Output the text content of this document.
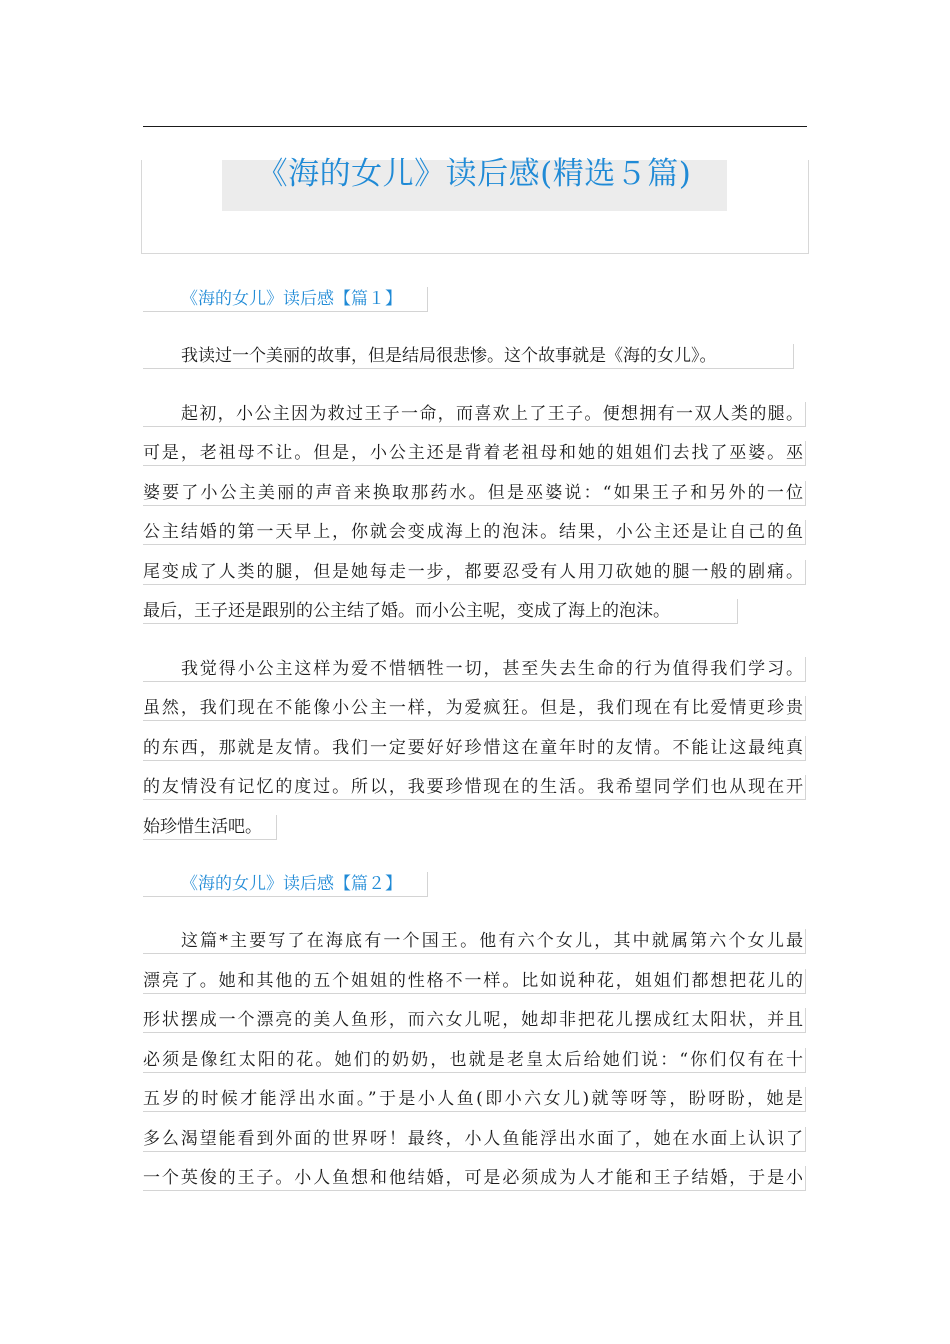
《海的女儿》读后感(精选５篇)
《海的女儿》读后感【篇１】
我读过一个美丽的故事，但是结局很悲惨。这个故事就是《海的女儿》。
起初，小公主因为救过王子一命，而喜欢上了王子。便想拥有一双人类的腿。
可是，老祖母不让。但是，小公主还是背着老祖母和她的姐姐们去找了巫婆。巫
婆要了小公主美丽的声音来换取那药水。但是巫婆说：“如果王子和另外的一位
公主结婚的第一天早上，你就会变成海上的泡沫。结果，小公主还是让自己的鱼
尾变成了人类的腿，但是她每走一步，都要忍受有人用刀砍她的腿一般的剧痛。
最后，王子还是跟别的公主结了婚。而小公主呢，变成了海上的泡沫。
我觉得小公主这样为爱不惜牺牲一切，甚至失去生命的行为值得我们学习。
虽然，我们现在不能像小公主一样，为爱疯狂。但是，我们现在有比爱情更珍贵
的东西，那就是友情。我们一定要好好珍惜这在童年时的友情。不能让这最纯真
的友情没有记忆的度过。所以，我要珍惜现在的生活。我希望同学们也从现在开
始珍惜生活吧。
《海的女儿》读后感【篇２】
这篇*主要写了在海底有一个国王。他有六个女儿，其中就属第六个女儿最
漂亮了。她和其他的五个姐姐的性格不一样。比如说种花，姐姐们都想把花儿的
形状摆成一个漂亮的美人鱼形，而六女儿呢，她却非把花儿摆成红太阳状，并且
必须是像红太阳的花。她们的奶奶，也就是老皇太后给她们说：“你们仅有在十
五岁的时候才能浮出水面。”于是小人鱼(即小六女儿)就等呀等，盼呀盼，她是
多么渴望能看到外面的世界呀！最终，小人鱼能浮出水面了，她在水面上认识了
一个英俊的王子。小人鱼想和他结婚，可是必须成为人才能和王子结婚，于是小
